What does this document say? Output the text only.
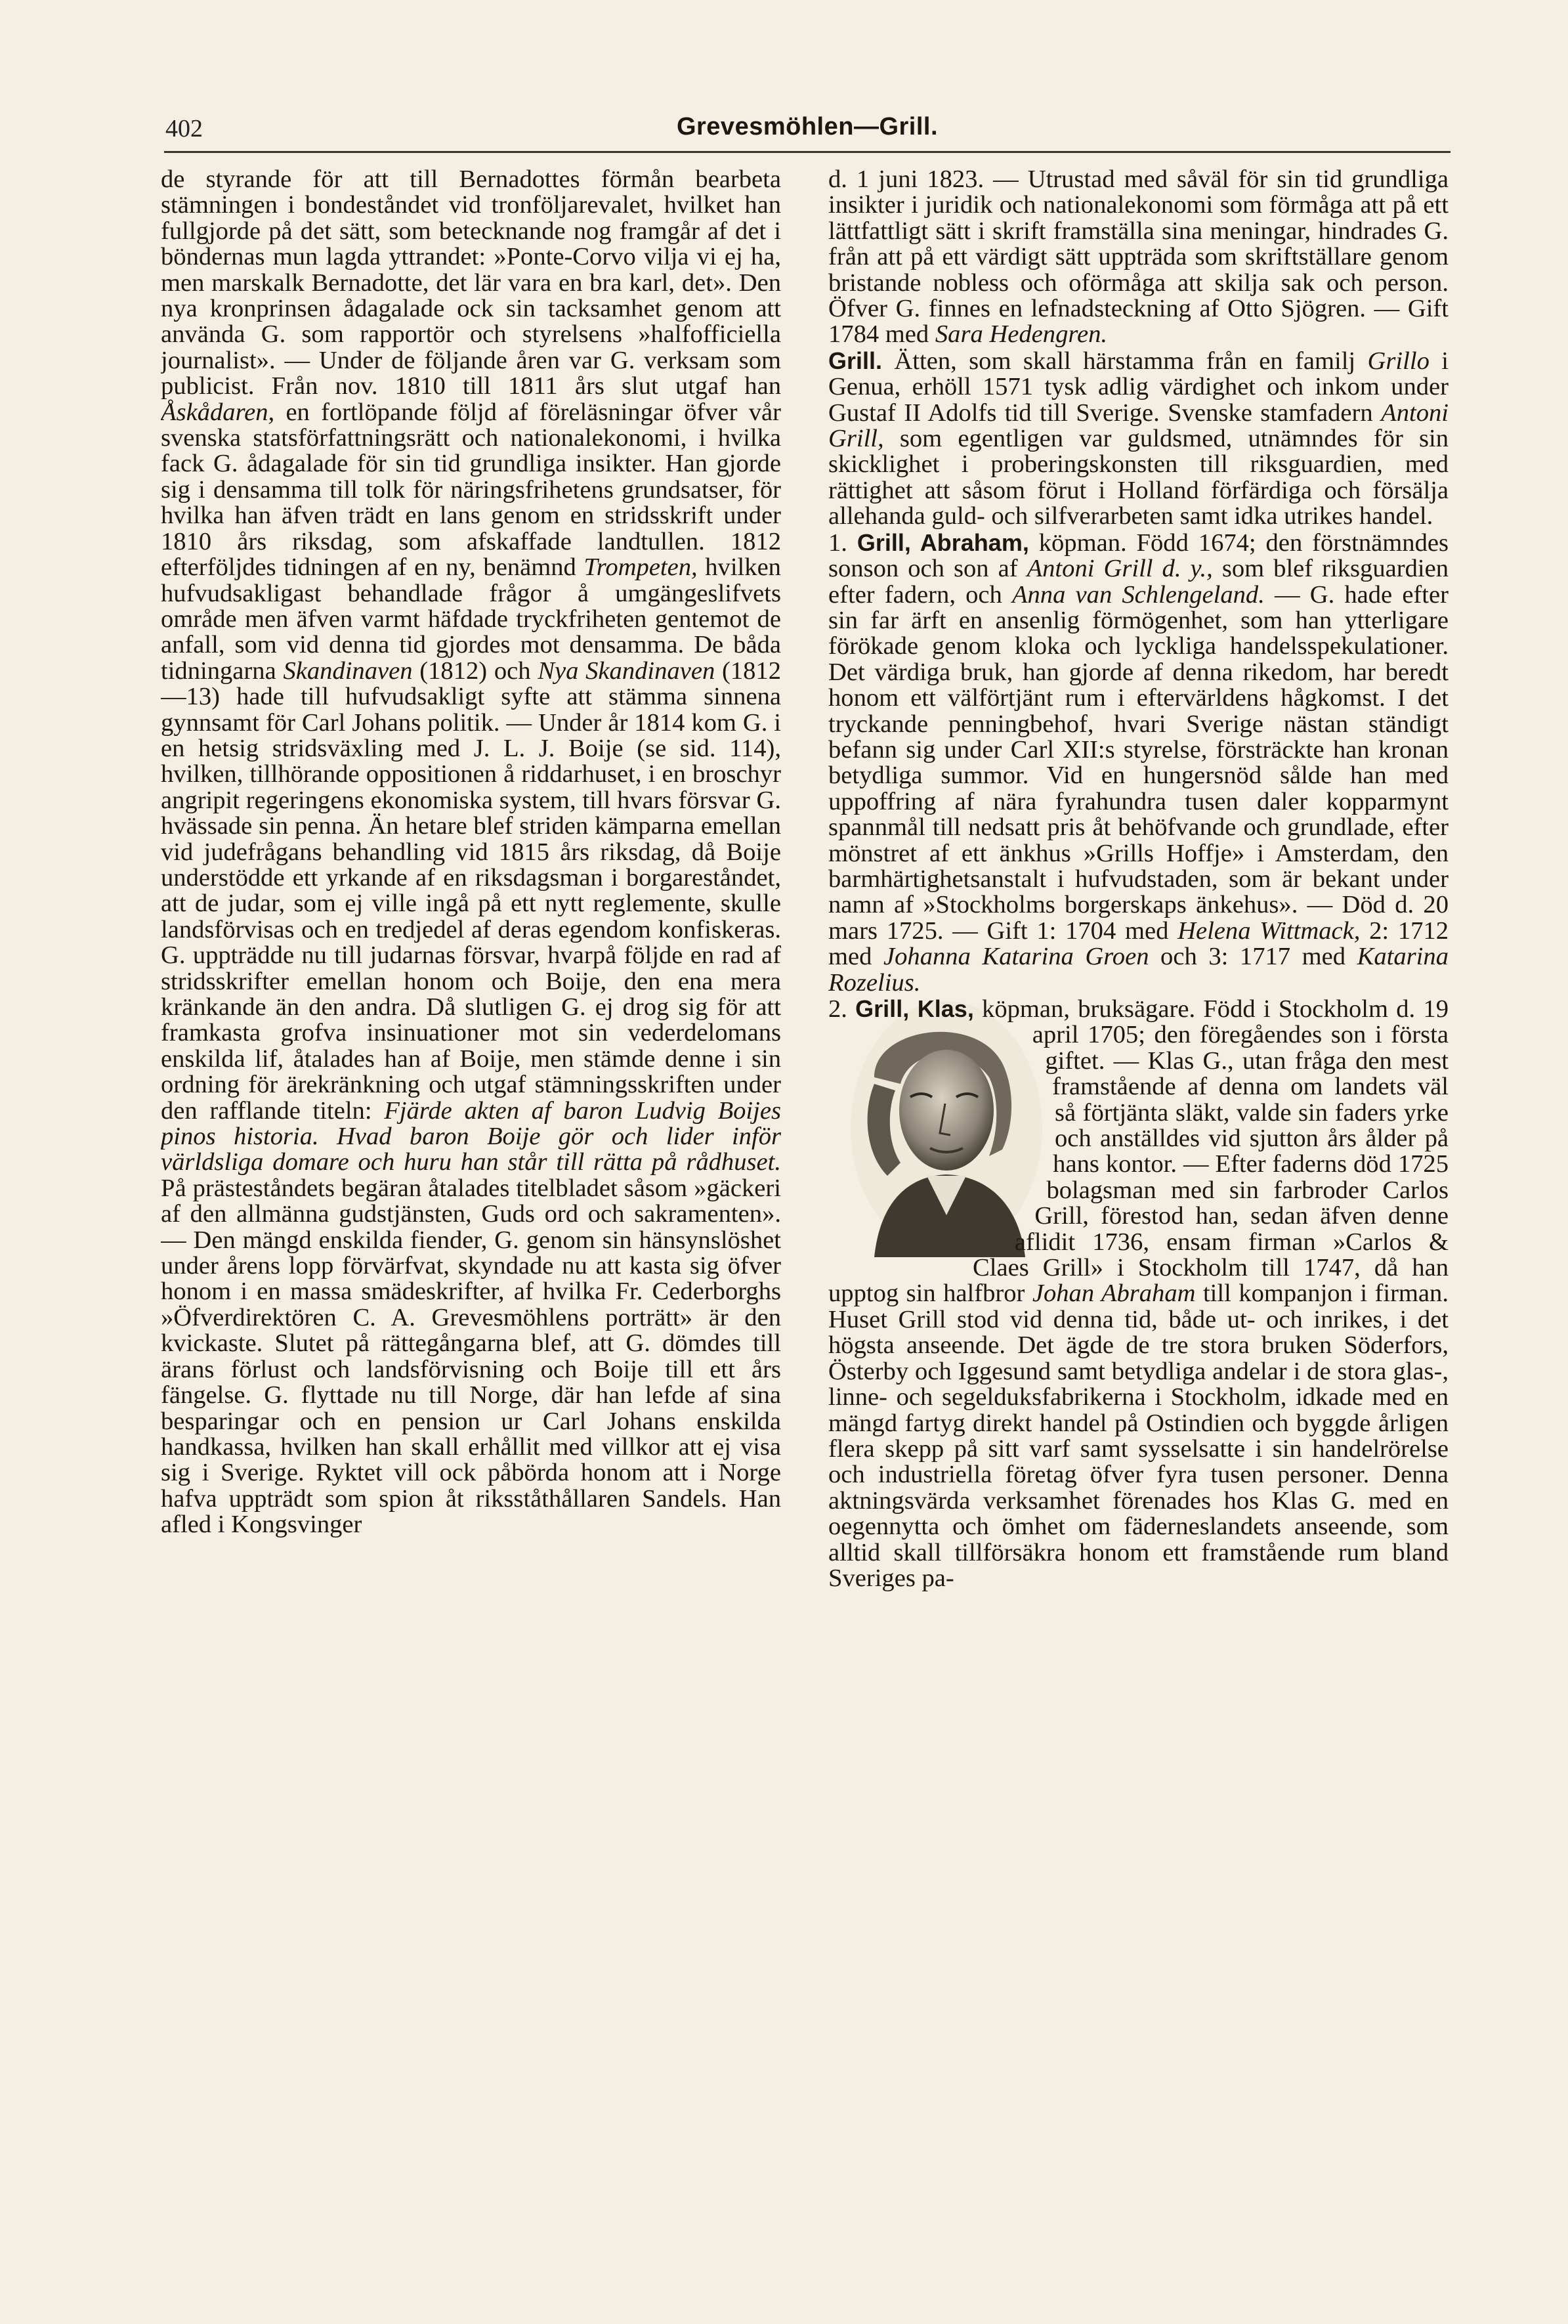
402	Grevesmöhlen—Grill.

de styrande för att till Bernadottes förmån bearbeta stämningen i bondeståndet vid tronföljarevalet, hvilket han fullgjorde på det sätt, som betecknande nog framgår af det i böndernas mun lagda yttrandet: »Ponte-Corvo vilja vi ej ha, men marskalk Bernadotte, det lär vara en bra karl, det». Den nya kronprinsen ådagalade ock sin tacksamhet genom att använda G. som rapportör och styrelsens »halfofficiella journalist». — Under de följande åren var G. verksam som publicist. Från nov. 1810 till 1811 års slut utgaf han Åskådaren, en fortlöpande följd af föreläsningar öfver vår svenska statsförfattningsrätt och nationalekonomi, i hvilka fack G. ådagalade för sin tid grundliga insikter. Han gjorde sig i densamma till tolk för näringsfrihetens grundsatser, för hvilka han äfven trädt en lans genom en stridsskrift under 1810 års riksdag, som afskaffade landtullen. 1812 efterföljdes tidningen af en ny, benämnd Trompeten, hvilken hufvudsakligast behandlade frågor å umgängeslifvets område men äfven varmt häfdade tryckfriheten gentemot de anfall, som vid denna tid gjordes mot densamma. De båda tidningarna Skandinaven (1812) och Nya Skandinaven (1812—13) hade till hufvudsakligt syfte att stämma sinnena gynnsamt för Carl Johans politik. — Under år 1814 kom G. i en hetsig stridsväxling med J. L. J. Boije (se sid. 114), hvilken, tillhörande oppositionen å riddarhuset, i en broschyr angripit regeringens ekonomiska system, till hvars försvar G. hvässade sin penna. Än hetare blef striden kämparna emellan vid judefrågans behandling vid 1815 års riksdag, då Boije understödde ett yrkande af en riksdagsman i borgareståndet, att de judar, som ej ville ingå på ett nytt reglemente, skulle landsförvisas och en tredjedel af deras egendom konfiskeras. G. uppträdde nu till judarnas försvar, hvarpå följde en rad af stridsskrifter emellan honom och Boije, den ena mera kränkande än den andra. Då slutligen G. ej drog sig för att framkasta grofva insinuationer mot sin vederdelomans enskilda lif, åtalades han af Boije, men stämde denne i sin ordning för ärekränkning och utgaf stämningsskriften under den rafflande titeln: Fjärde akten af baron Ludvig Boijes pinos historia. Hvad baron Boije gör och lider inför världsliga domare och huru han står till rätta på rådhuset. På prästeståndets begäran åtalades titelbladet såsom »gäckeri af den allmänna gudstjänsten, Guds ord och sakramenten». — Den mängd enskilda fiender, G. genom sin hänsynslöshet under årens lopp förvärfvat, skyndade nu att kasta sig öfver honom i en massa smädeskrifter, af hvilka Fr. Cederborghs »Öfverdirektören C. A. Grevesmöhlens porträtt» är den kvickaste. Slutet på rättegångarna blef, att G. dömdes till ärans förlust och landsförvisning och Boije till ett års fängelse. G. flyttade nu till Norge, där han lefde af sina besparingar och en pension ur Carl Johans enskilda handkassa, hvilken han skall erhållit med villkor att ej visa sig i Sverige. Ryktet vill ock påbörda honom att i Norge hafva uppträdt som spion åt riksståthållaren Sandels. Han afled i Kongsvinger

d. 1 juni 1823. — Utrustad med såväl för sin tid grundliga insikter i juridik och nationalekonomi som förmåga att på ett lättfattligt sätt i skrift framställa sina meningar, hindrades G. från att på ett värdigt sätt uppträda som skriftställare genom bristande nobless och oförmåga att skilja sak och person. Öfver G. finnes en lefnadsteckning af Otto Sjögren. — Gift 1784 med Sara Hedengren.

Grill. Ätten, som skall härstamma från en familj Grillo i Genua, erhöll 1571 tysk adlig värdighet och inkom under Gustaf II Adolfs tid till Sverige. Svenske stamfadern Antoni Grill, som egentligen var guldsmed, utnämndes för sin skicklighet i proberingskonsten till riksguardien, med rättighet att såsom förut i Holland förfärdiga och försälja allehanda guld- och silfverarbeten samt idka utrikes handel.

1. Grill, Abraham, köpman. Född 1674; den förstnämndes sonson och son af Antoni Grill d. y., som blef riksguardien efter fadern, och Anna van Schlengeland. — G. hade efter sin far ärft en ansenlig förmögenhet, som han ytterligare förökade genom kloka och lyckliga handelsspekulationer. Det värdiga bruk, han gjorde af denna rikedom, har beredt honom ett välförtjänt rum i eftervärldens hågkomst. I det tryckande penningbehof, hvari Sverige nästan ständigt befann sig under Carl XII:s styrelse, försträckte han kronan betydliga summor. Vid en hungersnöd sålde han med uppoffring af nära fyrahundra tusen daler kopparmynt spannmål till nedsatt pris åt behöfvande och grundlade, efter mönstret af ett änkhus »Grills Hoffje» i Amsterdam, den barmhärtighetsanstalt i hufvudstaden, som är bekant under namn af »Stockholms borgerskaps änkehus». — Död d. 20 mars 1725. — Gift 1: 1704 med Helena Wittmack, 2: 1712 med Johanna Katarina Groen och 3: 1717 med Katarina Rozelius.

2. Grill, Klas,
köpman, bruksägare. Född i Stockholm d. 19 april 1705; den föregåendes son i första giftet. — Klas G., utan fråga den mest framstående af denna om landets väl så förtjänta släkt, valde sin faders yrke och anställdes vid sjutton års ålder på hans kontor. — Efter faderns död 1725 bolagsman med sin farbroder Carlos Grill, förestod han, sedan äfven denne aflidit 1736, ensam firman »Carlos & Claes Grill» i Stockholm till 1747, då han upptog sin halfbror Johan Abraham till kompanjon i firman. Huset Grill stod vid denna tid, både ut- och inrikes, i det högsta anseende. Det ägde de tre stora bruken Söderfors, Österby och Iggesund samt betydliga andelar i de stora glas-, linne- och segelduksfabrikerna i Stockholm, idkade med en mängd fartyg direkt handel på Ostindien och byggde årligen flera skepp på sitt varf samt sysselsatte i sin handelrörelse och industriella företag öfver fyra tusen personer. Denna aktningsvärda verksamhet förenades hos Klas G. med en oegennytta och ömhet om fäderneslandets anseende, som alltid skall tillförsäkra honom ett framstående rum bland Sveriges pa-
